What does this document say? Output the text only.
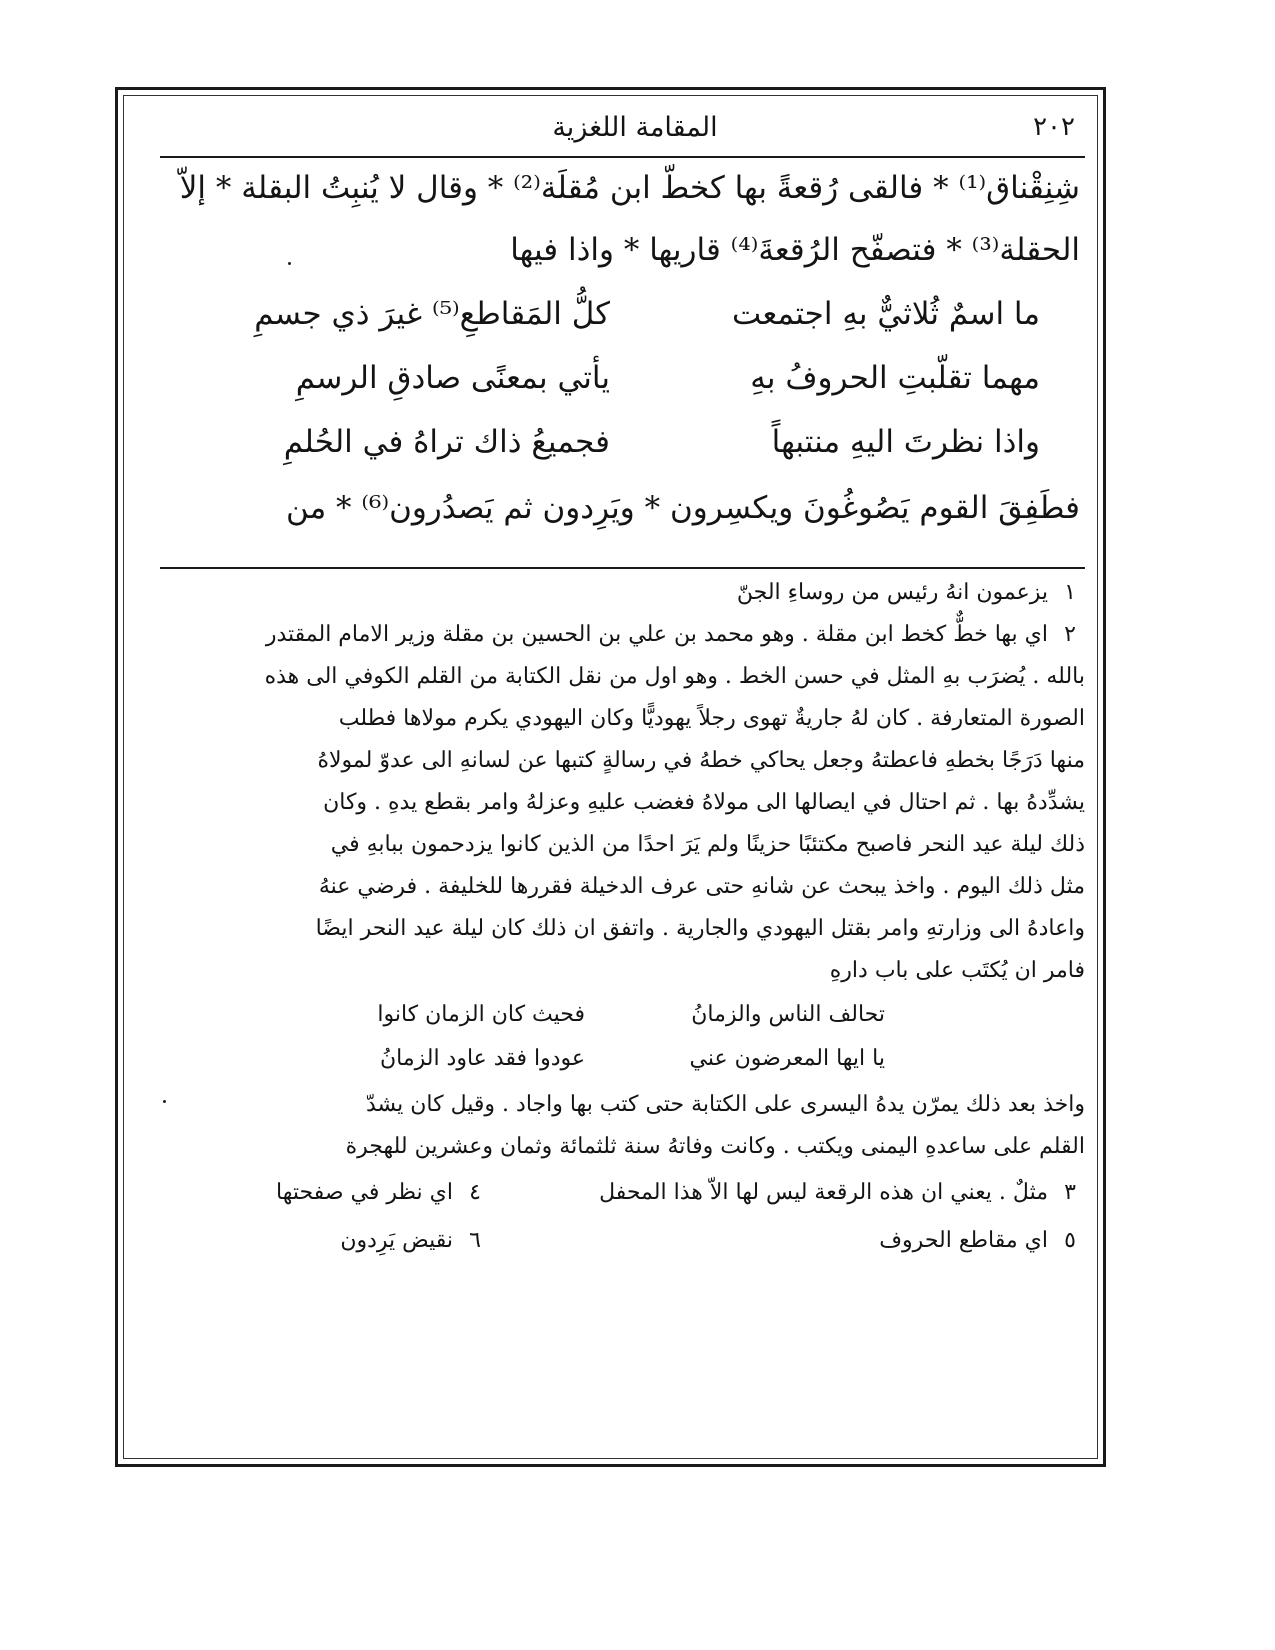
٢٠٢
المقامة اللغزية
شِنِقْناق⁽¹⁾ * فالقى رُقعةً بها كخطّ ابن مُقلَة⁽²⁾ * وقال لا يُنبِتُ البقلة * إلاّ
الحقلة⁽³⁾ * فتصفّح الرُقعةَ⁽⁴⁾ قاريها * واذا فيها
ما اسمٌ ثُلاثيٌّ بهِ اجتمعت
كلُّ المَقاطعِ⁽⁵⁾ غيرَ ذي جسمِ
مهما تقلّبتِ الحروفُ بهِ
يأتي بمعنًى صادقِ الرسمِ
واذا نظرتَ اليهِ منتبهاً
فجميعُ ذاك تراهُ في الحُلمِ
فطَفِقَ القوم يَصُوغُونَ ويكسِرون * ويَرِدون ثم يَصدُرون⁽⁶⁾ * من
١ يزعمون انهُ رئيس من روساءِ الجنّ
٢ اي بها خطٌّ كخط ابن مقلة . وهو محمد بن علي بن الحسين بن مقلة وزير الامام المقتدر
بالله . يُضرَب بهِ المثل في حسن الخط . وهو اول من نقل الكتابة من القلم الكوفي الى هذه
الصورة المتعارفة . كان لهُ جاريةٌ تهوى رجلاً يهوديًّا وكان اليهودي يكرم مولاها فطلب
منها دَرَجًا بخطهِ فاعطتهُ وجعل يحاكي خطهُ في رسالةٍ كتبها عن لسانهِ الى عدوّ لمولاهُ
يشدِّدهُ بها . ثم احتال في ايصالها الى مولاهُ فغضب عليهِ وعزلهُ وامر بقطع يدهِ . وكان
ذلك ليلة عيد النحر فاصبح مكتئبًا حزينًا ولم يَرَ احدًا من الذين كانوا يزدحمون ببابهِ في
مثل ذلك اليوم . واخذ يبحث عن شانهِ حتى عرف الدخيلة فقررها للخليفة . فرضي عنهُ
واعادهُ الى وزارتهِ وامر بقتل اليهودي والجارية . واتفق ان ذلك كان ليلة عيد النحر ايضًا
فامر ان يُكتَب على باب دارهِ
تحالف الناس والزمانُ
فحيث كان الزمان كانوا
يا ايها المعرضون عني
عودوا فقد عاود الزمانُ
واخذ بعد ذلك يمرّن يدهُ اليسرى على الكتابة حتى كتب بها واجاد . وقيل كان يشدّ
القلم على ساعدهِ اليمنى ويكتب . وكانت وفاتهُ سنة ثلثمائة وثمان وعشرين للهجرة
٣ مثلٌ . يعني ان هذه الرقعة ليس لها الاّ هذا المحفل
٤ اي نظر في صفحتها
٥ اي مقاطع الحروف
٦ نقيض يَرِدون
